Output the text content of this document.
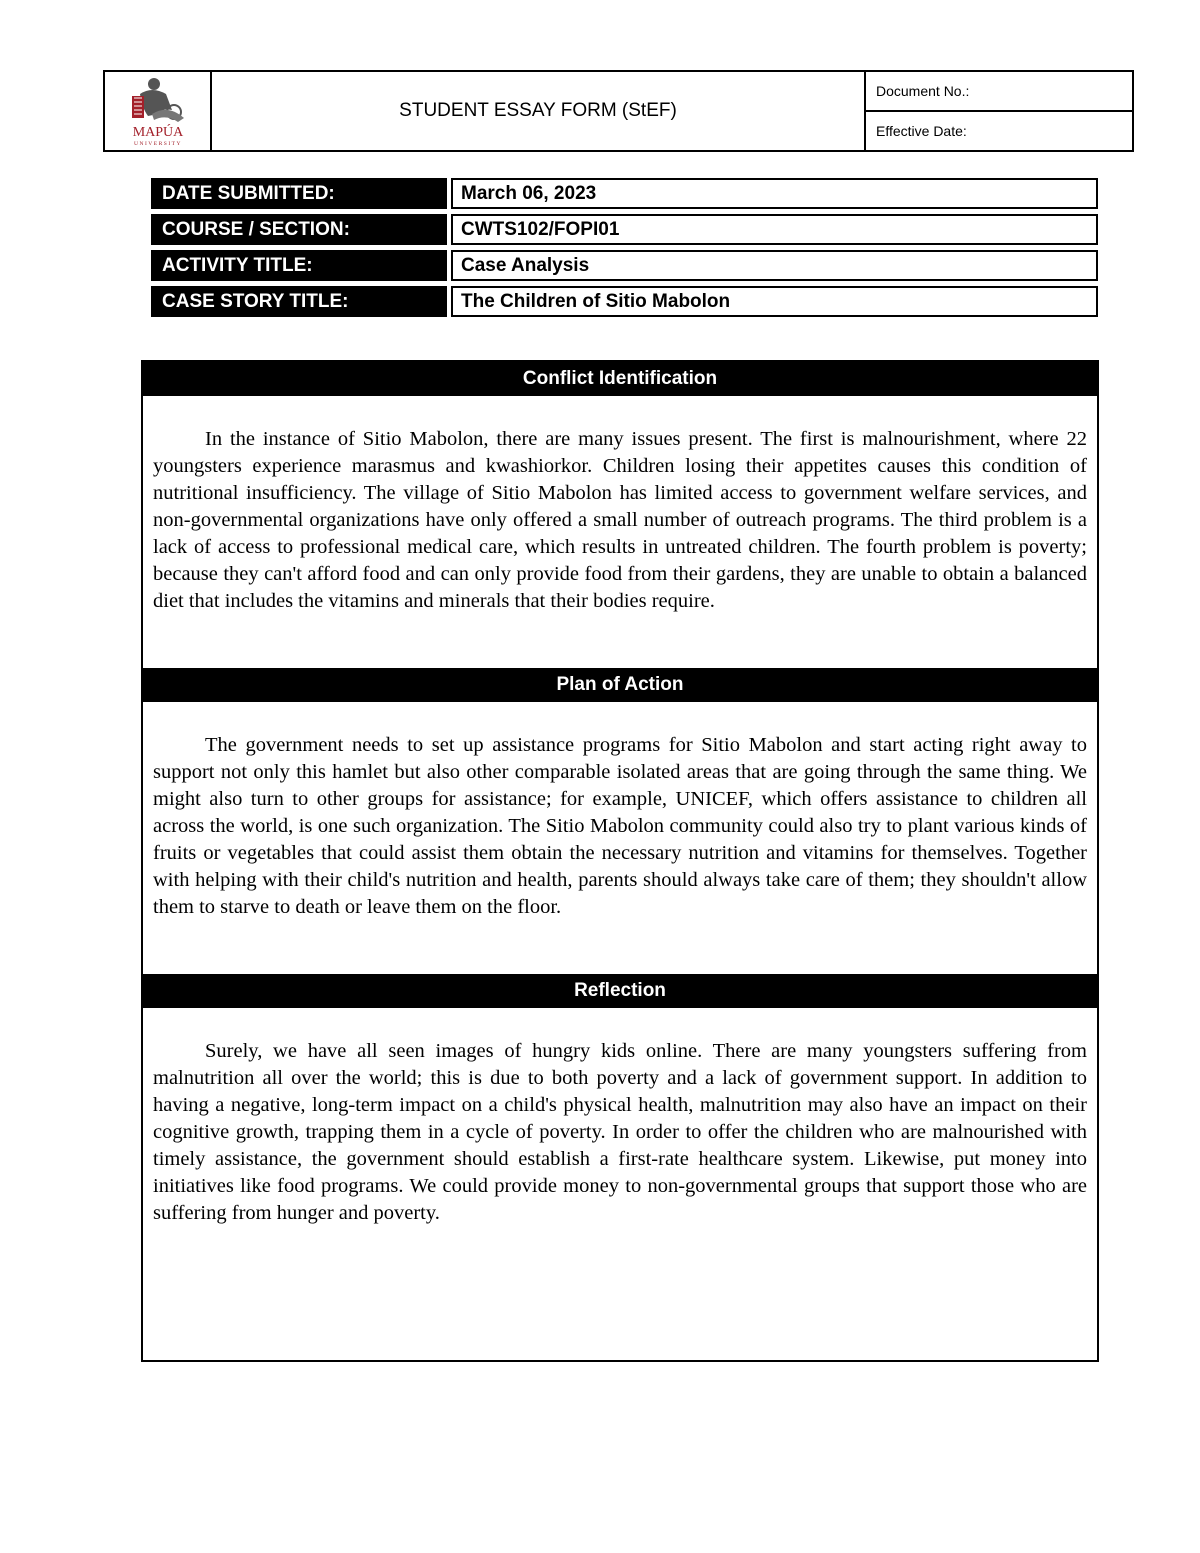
MAPÚA
UNIVERSITY
STUDENT ESSAY FORM (StEF)
Document No.:
Effective Date:
DATE SUBMITTED:	March 06, 2023
COURSE / SECTION:	CWTS102/FOPI01
ACTIVITY TITLE:	Case Analysis
CASE STORY TITLE:	The Children of Sitio Mabolon
Conflict Identification

In the instance of Sitio Mabolon, there are many issues present. The first is malnourishment, where 22 youngsters experience marasmus and kwashiorkor. Children losing their appetites causes this condition of nutritional insufficiency. The village of Sitio Mabolon has limited access to government welfare services, and non-governmental organizations have only offered a small number of outreach programs. The third problem is a lack of access to professional medical care, which results in untreated children. The fourth problem is poverty; because they can't afford food and can only provide food from their gardens, they are unable to obtain a balanced diet that includes the vitamins and minerals that their bodies require.

Plan of Action

The government needs to set up assistance programs for Sitio Mabolon and start acting right away to support not only this hamlet but also other comparable isolated areas that are going through the same thing. We might also turn to other groups for assistance; for example, UNICEF, which offers assistance to children all across the world, is one such organization. The Sitio Mabolon community could also try to plant various kinds of fruits or vegetables that could assist them obtain the necessary nutrition and vitamins for themselves. Together with helping with their child's nutrition and health, parents should always take care of them; they shouldn't allow them to starve to death or leave them on the floor.

Reflection

Surely, we have all seen images of hungry kids online. There are many youngsters suffering from malnutrition all over the world; this is due to both poverty and a lack of government support. In addition to having a negative, long-term impact on a child's physical health, malnutrition may also have an impact on their cognitive growth, trapping them in a cycle of poverty. In order to offer the children who are malnourished with timely assistance, the government should establish a first-rate healthcare system. Likewise, put money into initiatives like food programs. We could provide money to non-governmental groups that support those who are suffering from hunger and poverty.
